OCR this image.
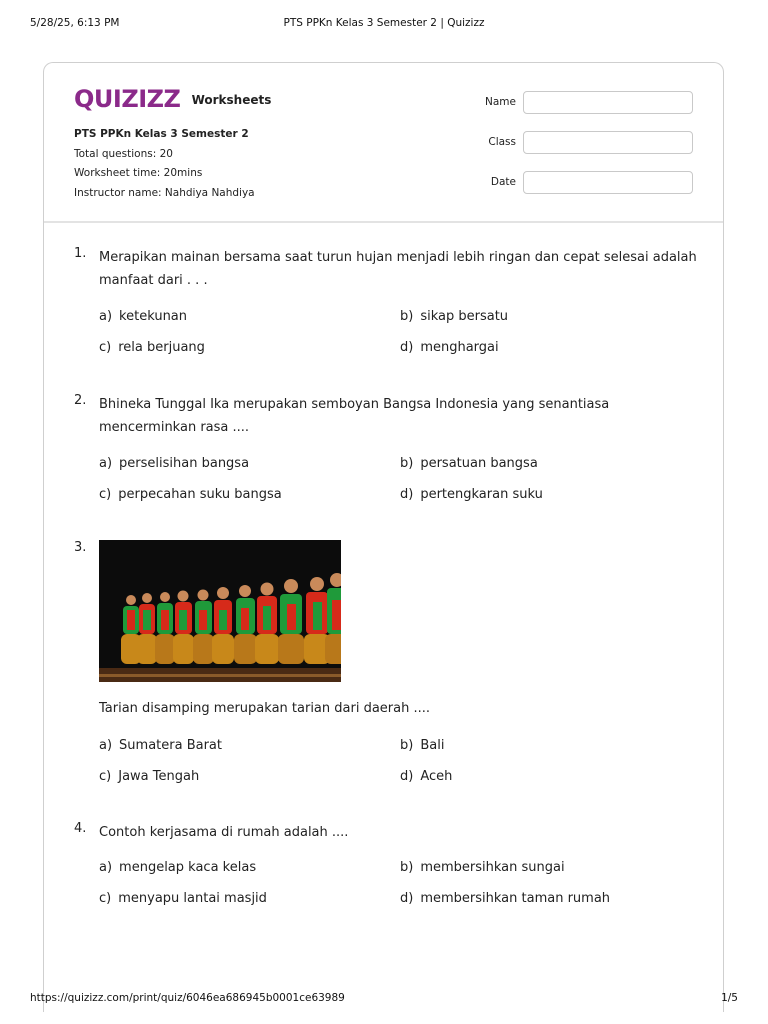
5/28/25, 6:13 PM	PTS PPKn Kelas 3 Semester 2 | Quizizz
QUIZIZZ Worksheets
PTS PPKn Kelas 3 Semester 2
Total questions: 20
Worksheet time: 20mins
Instructor name: Nahdiya Nahdiya
Name
Class
Date
1. Merapikan mainan bersama saat turun hujan menjadi lebih ringan dan cepat selesai adalah manfaat dari . . .
a) ketekunan	b) sikap bersatu
c) rela berjuang	d) menghargai
2. Bhineka Tunggal Ika merupakan semboyan Bangsa Indonesia yang senantiasa mencerminkan rasa ....
a) perselisihan bangsa	b) persatuan bangsa
c) perpecahan suku bangsa	d) pertengkaran suku
3.
Tarian disamping merupakan tarian dari daerah ....
a) Sumatera Barat	b) Bali
c) Jawa Tengah	d) Aceh
4. Contoh kerjasama di rumah adalah ....
a) mengelap kaca kelas	b) membersihkan sungai
c) menyapu lantai masjid	d) membersihkan taman rumah
https://quizizz.com/print/quiz/6046ea686945b0001ce63989	1/5
